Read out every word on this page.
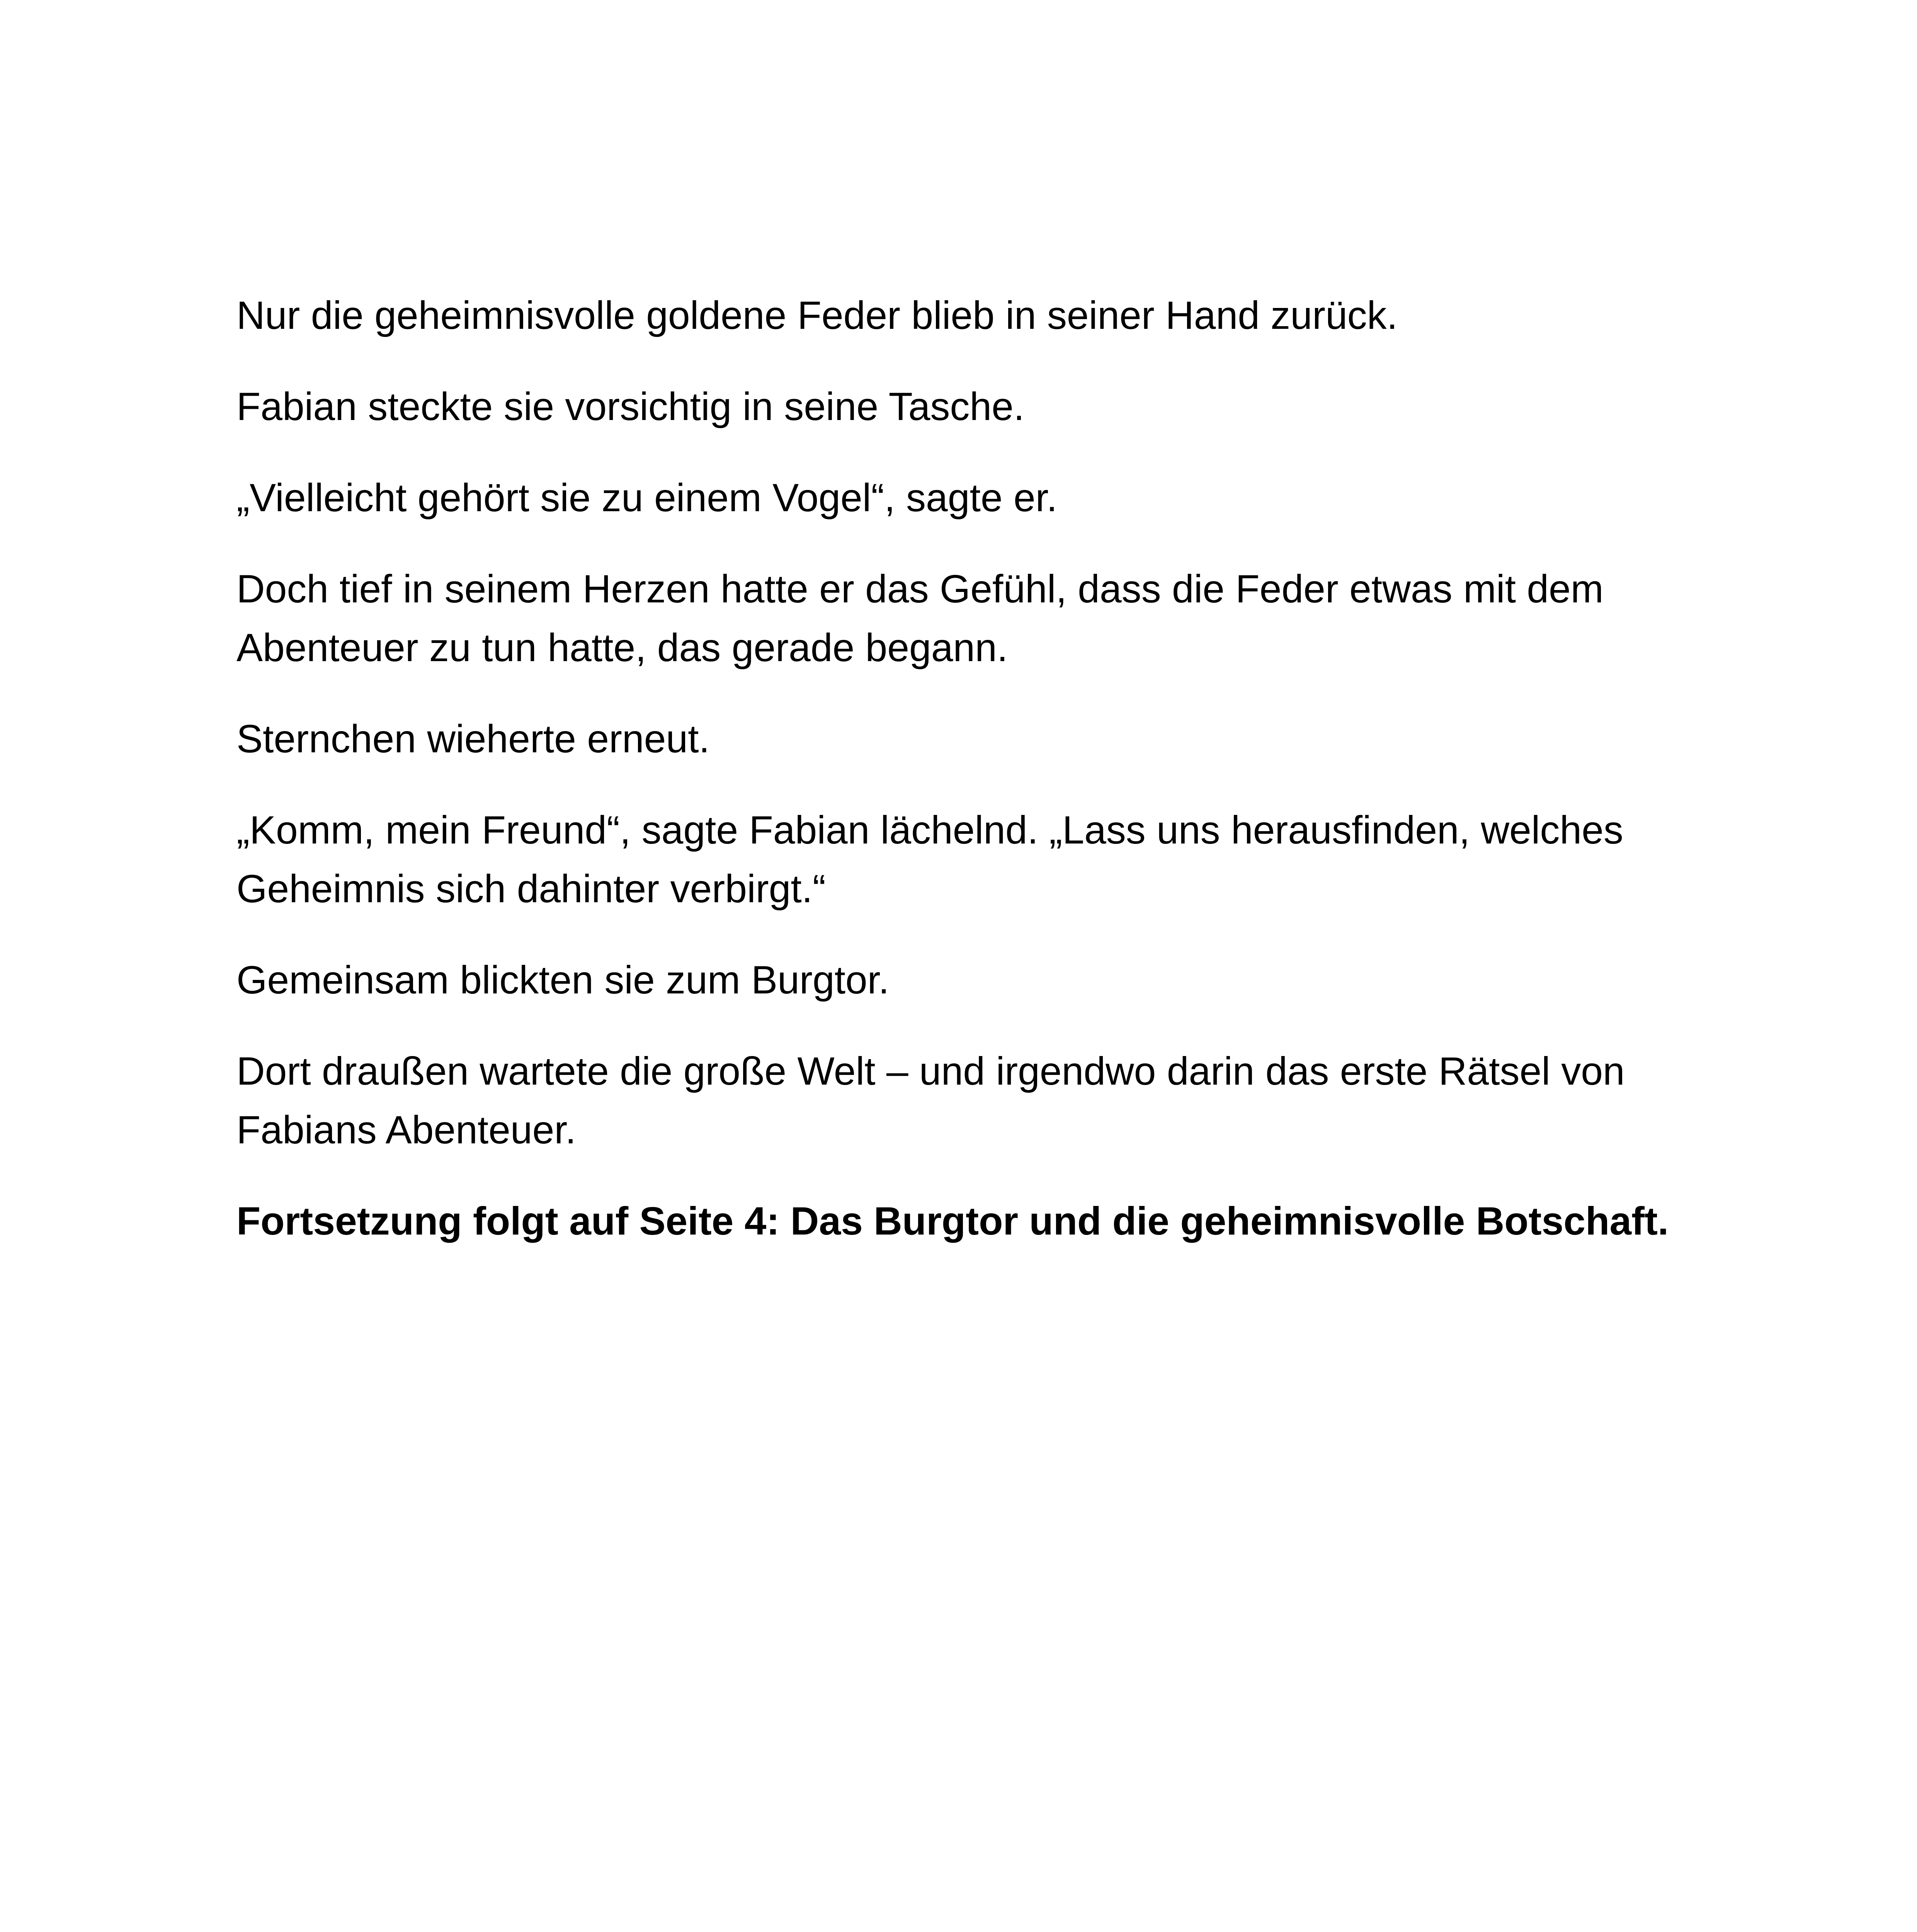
Nur die geheimnisvolle goldene Feder blieb in seiner Hand zurück.

Fabian steckte sie vorsichtig in seine Tasche.

„Vielleicht gehört sie zu einem Vogel“, sagte er.

Doch tief in seinem Herzen hatte er das Gefühl, dass die Feder etwas mit dem Abenteuer zu tun hatte, das gerade begann.

Sternchen wieherte erneut.

„Komm, mein Freund“, sagte Fabian lächelnd. „Lass uns herausfinden, welches Geheimnis sich dahinter verbirgt.“

Gemeinsam blickten sie zum Burgtor.

Dort draußen wartete die große Welt – und irgendwo darin das erste Rätsel von Fabians Abenteuer.

Fortsetzung folgt auf Seite 4: Das Burgtor und die geheimnisvolle Botschaft.
